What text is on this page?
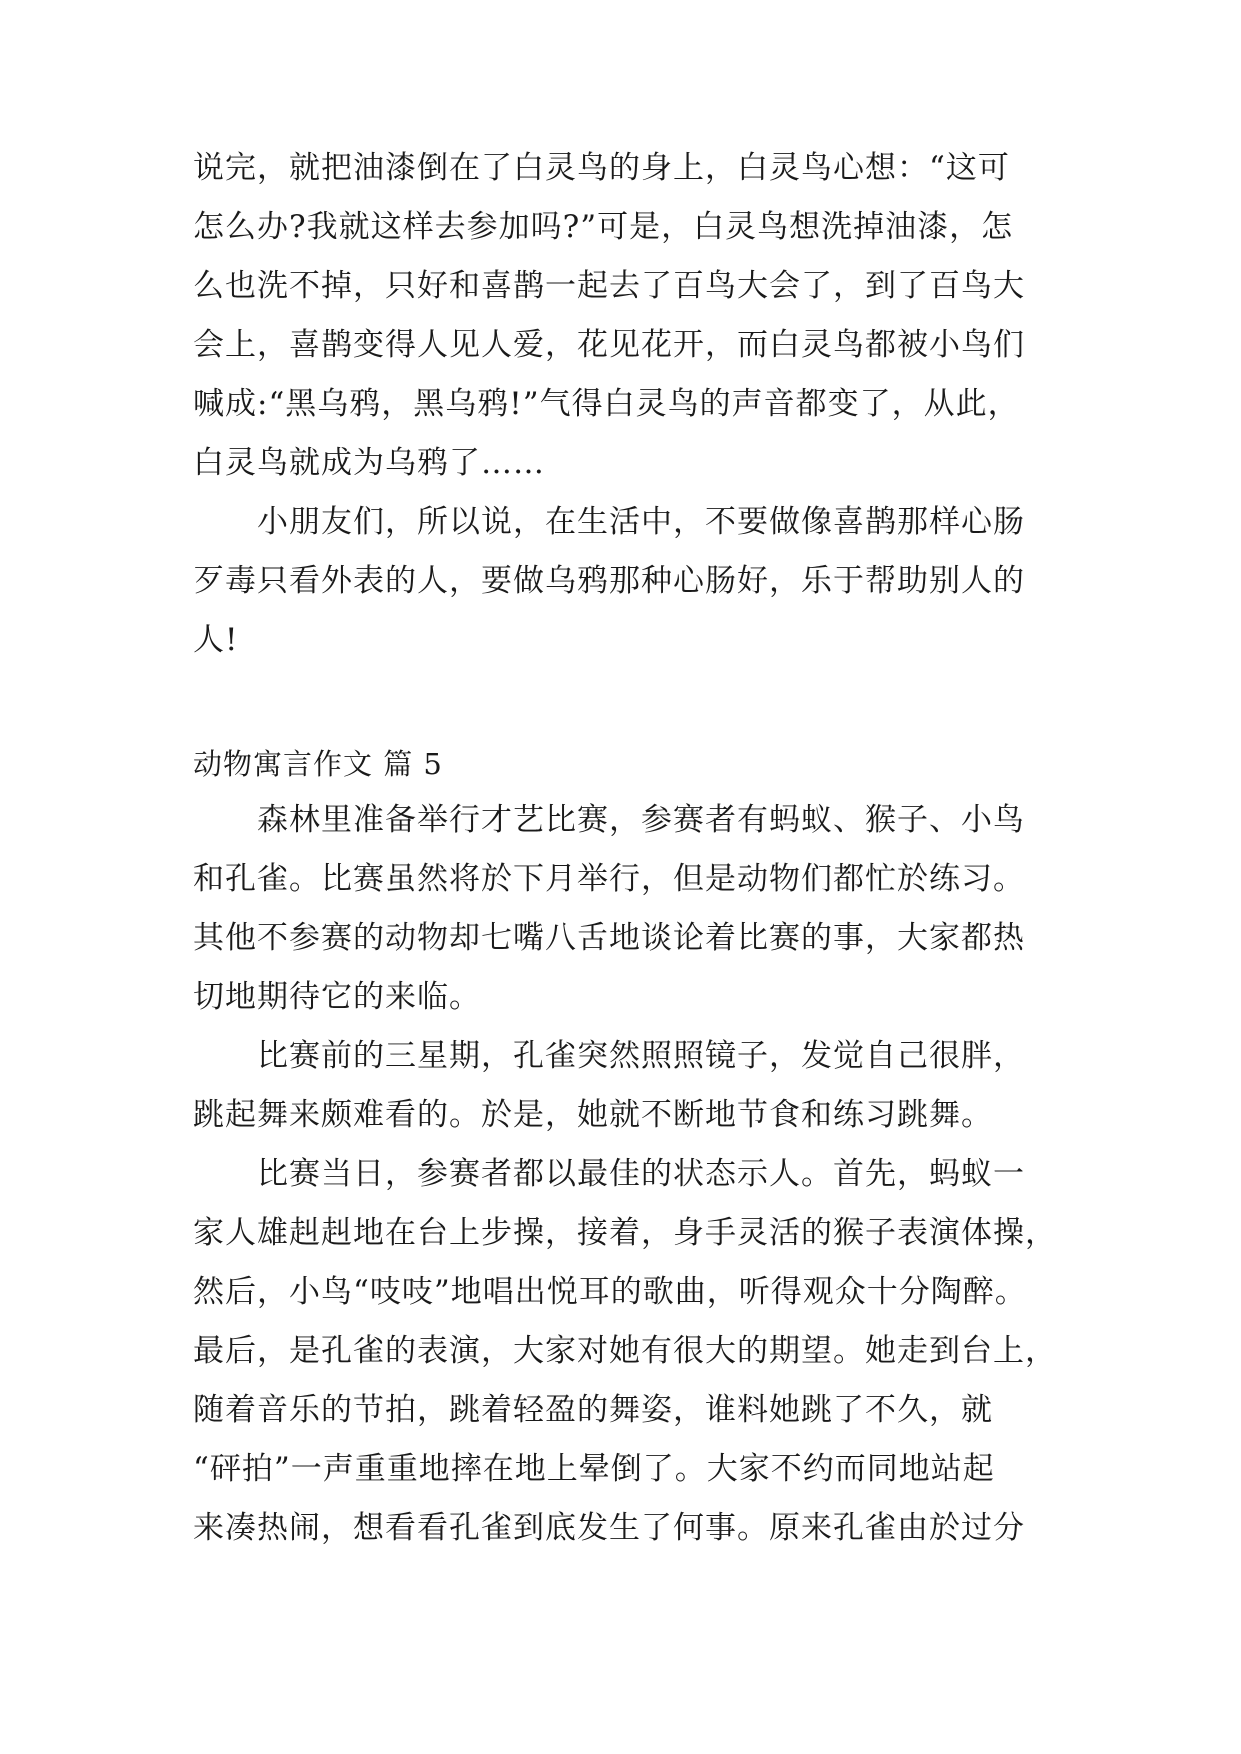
说完，就把油漆倒在了白灵鸟的身上，白灵鸟心想：“这可
怎么办?我就这样去参加吗?”可是，白灵鸟想洗掉油漆，怎
么也洗不掉，只好和喜鹊一起去了百鸟大会了，到了百鸟大
会上，喜鹊变得人见人爱，花见花开，而白灵鸟都被小鸟们
喊成:“黑乌鸦，黑乌鸦!”气得白灵鸟的声音都变了，从此，
白灵鸟就成为乌鸦了……
小朋友们，所以说，在生活中，不要做像喜鹊那样心肠
歹毒只看外表的人，要做乌鸦那种心肠好，乐于帮助别人的
人!
动物寓言作文 篇 5
森林里准备举行才艺比赛，参赛者有蚂蚁、猴子、小鸟
和孔雀。比赛虽然将於下月举行，但是动物们都忙於练习。
其他不参赛的动物却七嘴八舌地谈论着比赛的事，大家都热
切地期待它的来临。
比赛前的三星期，孔雀突然照照镜子，发觉自己很胖，
跳起舞来颇难看的。於是，她就不断地节食和练习跳舞。
比赛当日，参赛者都以最佳的状态示人。首先，蚂蚁一
家人雄赳赳地在台上步操，接着，身手灵活的猴子表演体操，
然后，小鸟“吱吱”地唱出悦耳的歌曲，听得观众十分陶醉。
最后，是孔雀的表演，大家对她有很大的期望。她走到台上，
随着音乐的节拍，跳着轻盈的舞姿，谁料她跳了不久，就
“砰拍”一声重重地摔在地上晕倒了。大家不约而同地站起
来凑热闹，想看看孔雀到底发生了何事。原来孔雀由於过分
